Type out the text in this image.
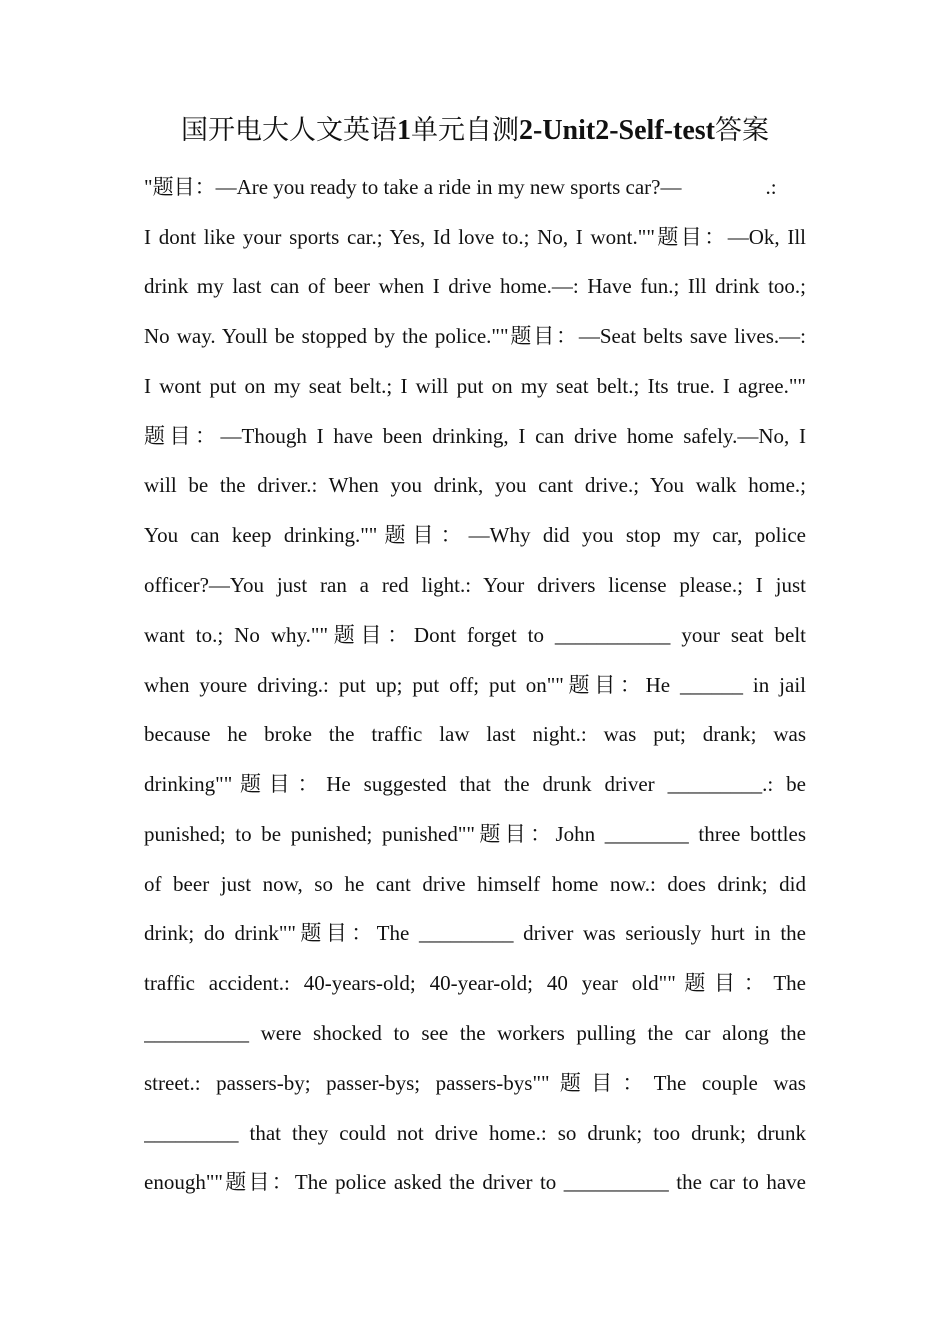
国开电大人文英语1单元自测2-Unit2-Self-test答案
"题目：—Are you ready to take a ride in my new sports car?—                .:
I dont like your sports car.; Yes, Id love to.; No, I wont.""题目：—Ok, Ill
drink my last can of beer when I drive home.—: Have fun.; Ill drink too.;
No way. Youll be stopped by the police.""题目：—Seat belts save lives.—:
I wont put on my seat belt.; I will put on my seat belt.; Its true. I agree.""
题目：—Though I have been drinking, I can drive home safely.—No, I
will be the driver.: When you drink, you cant drive.; You walk home.;
You can keep drinking.""题目：—Why did you stop my car, police
officer?—You just ran a red light.: Your drivers license please.; I just
want to.; No why.""题目：Dont forget to ___________ your seat belt
when youre driving.: put up; put off; put on""题目：He ______ in jail
because he broke the traffic law last night.: was put; drank; was
drinking""题目：He suggested that the drunk driver _________.: be
punished; to be punished; punished""题目：John ________ three bottles
of beer just now, so he cant drive himself home now.: does drink; did
drink; do drink""题目：The _________ driver was seriously hurt in the
traffic accident.: 40-years-old; 40-year-old; 40 year old""题目：The
__________ were shocked to see the workers pulling the car along the
street.: passers-by; passer-bys; passers-bys""题目：The couple was
_________ that they could not drive home.: so drunk; too drunk; drunk
enough""题目：The police asked the driver to __________ the car to have
